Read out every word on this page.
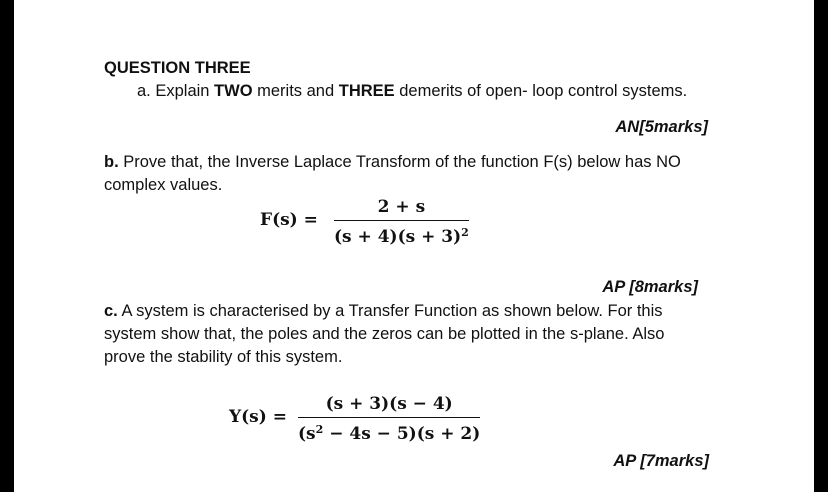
QUESTION THREE
a. Explain TWO merits and THREE demerits of open- loop control systems.
AN[5marks]
b. Prove that, the Inverse Laplace Transform of the function F(s) below has NO
complex values.
F(s) =
2 + s
$(s + 4)(s + 3)^2$
AP [8marks]
c. A system is characterised by a Transfer Function as shown below. For this
system show that, the poles and the zeros can be plotted in the s-plane. Also
prove the stability of this system.
Y(s) =
(s + 3)(s − 4)
$(s^2 - 4s - 5)(s + 2)$
AP [7marks]
